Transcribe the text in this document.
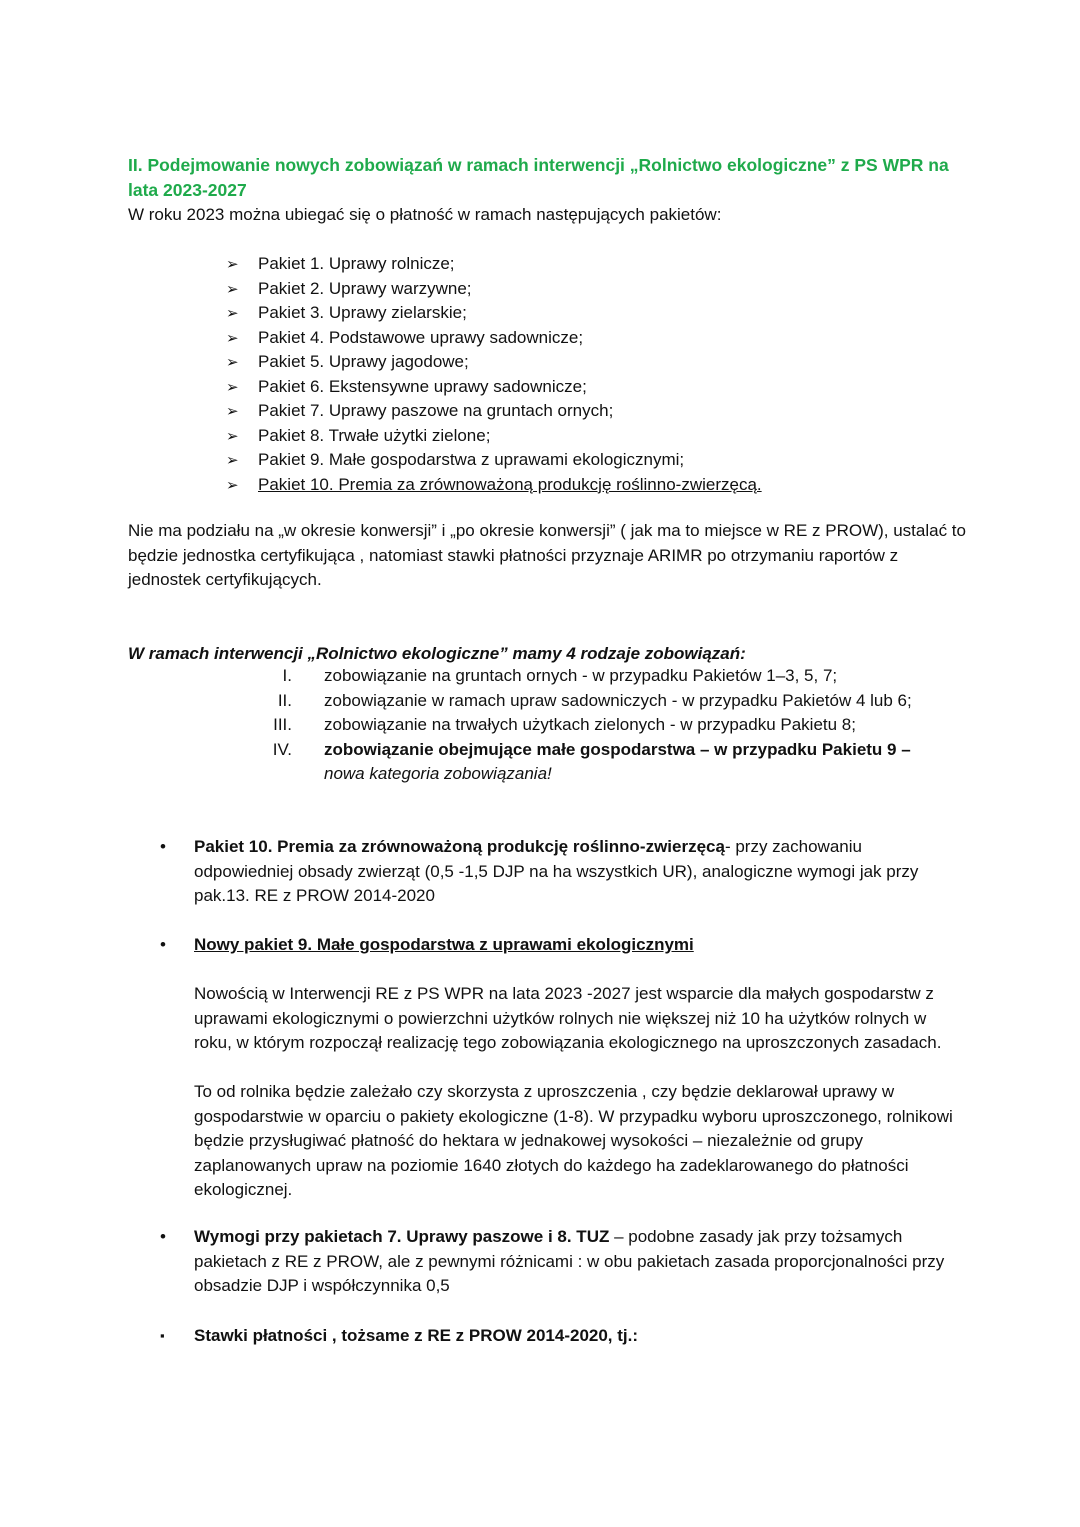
II. Podejmowanie nowych zobowiązań w ramach interwencji „Rolnictwo ekologiczne” z PS WPR na lata 2023-2027
W roku 2023 można ubiegać się o płatność w ramach następujących pakietów:
➢ Pakiet 1. Uprawy rolnicze;
➢ Pakiet 2. Uprawy warzywne;
➢ Pakiet 3. Uprawy zielarskie;
➢ Pakiet 4. Podstawowe uprawy sadownicze;
➢ Pakiet 5. Uprawy jagodowe;
➢ Pakiet 6. Ekstensywne uprawy sadownicze;
➢ Pakiet 7. Uprawy paszowe na gruntach ornych;
➢ Pakiet 8. Trwałe użytki zielone;
➢ Pakiet 9. Małe gospodarstwa z uprawami ekologicznymi;
➢ Pakiet 10. Premia za zrównoważoną produkcję roślinno-zwierzęcą.
Nie ma podziału na „w okresie konwersji” i „po okresie konwersji” ( jak ma to miejsce w RE z PROW), ustalać to będzie jednostka certyfikująca , natomiast stawki płatności przyznaje ARIMR po otrzymaniu raportów z jednostek certyfikujących.
W ramach interwencji „Rolnictwo ekologiczne” mamy 4 rodzaje zobowiązań:
I.	zobowiązanie na gruntach ornych - w przypadku Pakietów 1–3, 5, 7;
II.	zobowiązanie w ramach upraw sadowniczych - w przypadku Pakietów 4 lub 6;
III.	zobowiązanie na trwałych użytkach zielonych - w przypadku Pakietu 8;
IV.	zobowiązanie obejmujące małe gospodarstwa – w przypadku Pakietu 9 –
nowa kategoria zobowiązania!
•	Pakiet 10. Premia za zrównoważoną produkcję roślinno-zwierzęcą- przy zachowaniu odpowiedniej obsady zwierząt (0,5 -1,5 DJP na ha wszystkich UR), analogiczne wymogi jak przy pak.13. RE z PROW 2014-2020
•	Nowy pakiet 9. Małe gospodarstwa z uprawami ekologicznymi
Nowością w Interwencji RE z PS WPR na lata 2023 -2027 jest wsparcie dla małych gospodarstw z uprawami ekologicznymi o powierzchni użytków rolnych nie większej niż 10 ha użytków rolnych w roku, w którym rozpoczął realizację tego zobowiązania ekologicznego na uproszczonych zasadach.
To od rolnika będzie zależało czy skorzysta z uproszczenia , czy będzie deklarował uprawy w gospodarstwie w oparciu o pakiety ekologiczne (1-8). W przypadku wyboru uproszczonego, rolnikowi będzie przysługiwać płatność do hektara w jednakowej wysokości – niezależnie od grupy zaplanowanych upraw na poziomie 1640 złotych do każdego ha zadeklarowanego do płatności ekologicznej.
•	Wymogi przy pakietach 7. Uprawy paszowe i 8. TUZ – podobne zasady jak przy tożsamych pakietach z RE z PROW, ale z pewnymi różnicami : w obu pakietach zasada proporcjonalności przy obsadzie DJP i współczynnika 0,5
▪	Stawki płatności , tożsame z RE z PROW 2014-2020, tj.:
